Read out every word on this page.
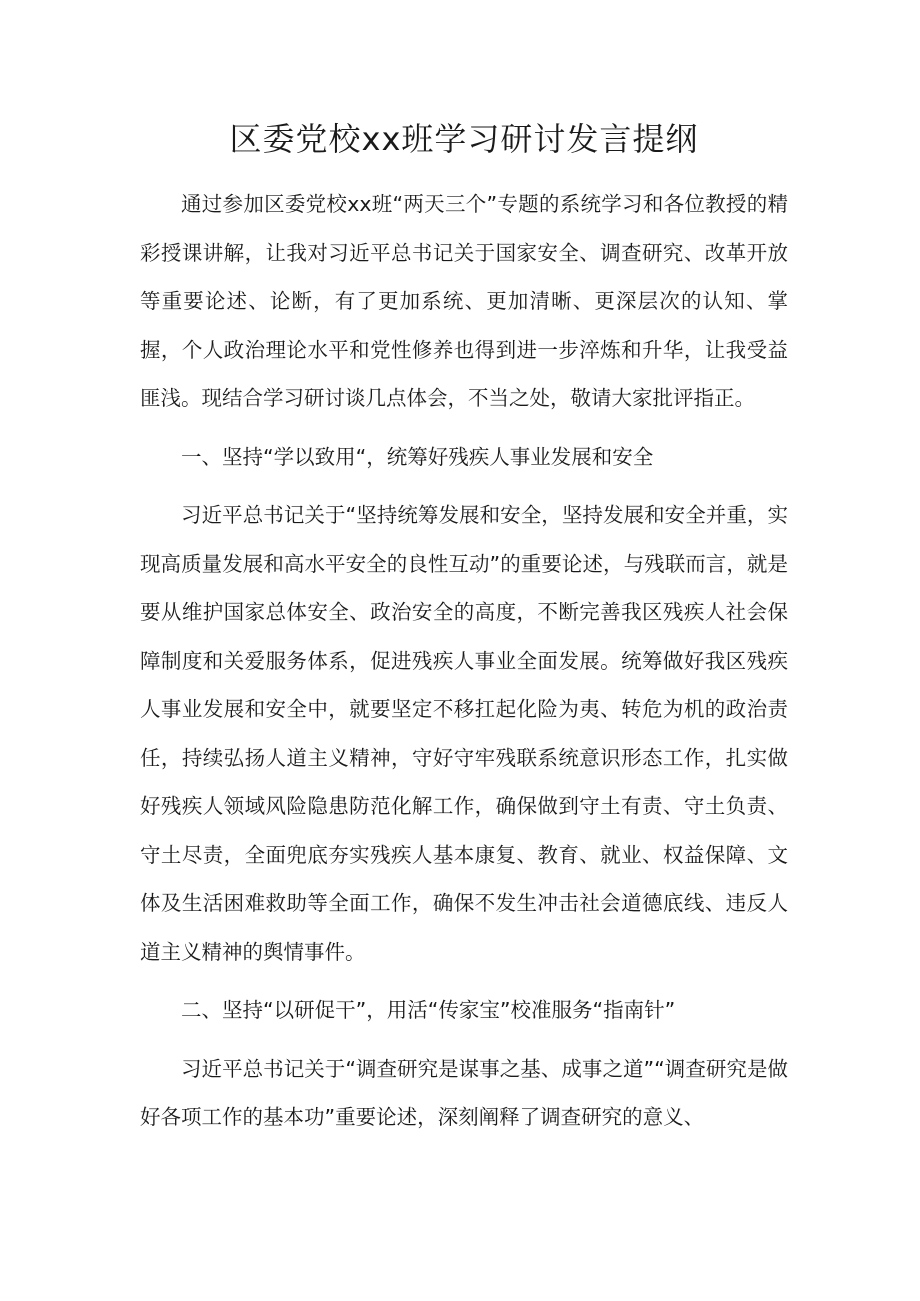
区委党校xx班学习研讨发言提纲

通过参加区委党校xx班“两天三个”专题的系统学习和各位教授的精彩授课讲解，让我对习近平总书记关于国家安全、调查研究、改革开放等重要论述、论断，有了更加系统、更加清晰、更深层次的认知、掌握，个人政治理论水平和党性修养也得到进一步淬炼和升华，让我受益匪浅。现结合学习研讨谈几点体会，不当之处，敬请大家批评指正。

一、坚持“学以致用“，统筹好残疾人事业发展和安全

习近平总书记关于“坚持统筹发展和安全，坚持发展和安全并重，实现高质量发展和高水平安全的良性互动”的重要论述，与残联而言，就是要从维护国家总体安全、政治安全的高度，不断完善我区残疾人社会保障制度和关爱服务体系，促进残疾人事业全面发展。统筹做好我区残疾人事业发展和安全中，就要坚定不移扛起化险为夷、转危为机的政治责任，持续弘扬人道主义精神，守好守牢残联系统意识形态工作，扎实做好残疾人领域风险隐患防范化解工作，确保做到守土有责、守土负责、守土尽责，全面兜底夯实残疾人基本康复、教育、就业、权益保障、文体及生活困难救助等全面工作，确保不发生冲击社会道德底线、违反人道主义精神的舆情事件。

二、坚持“以研促干”，用活“传家宝”校准服务“指南针”

习近平总书记关于“调查研究是谋事之基、成事之道”“调查研究是做好各项工作的基本功”重要论述，深刻阐释了调查研究的意义、
